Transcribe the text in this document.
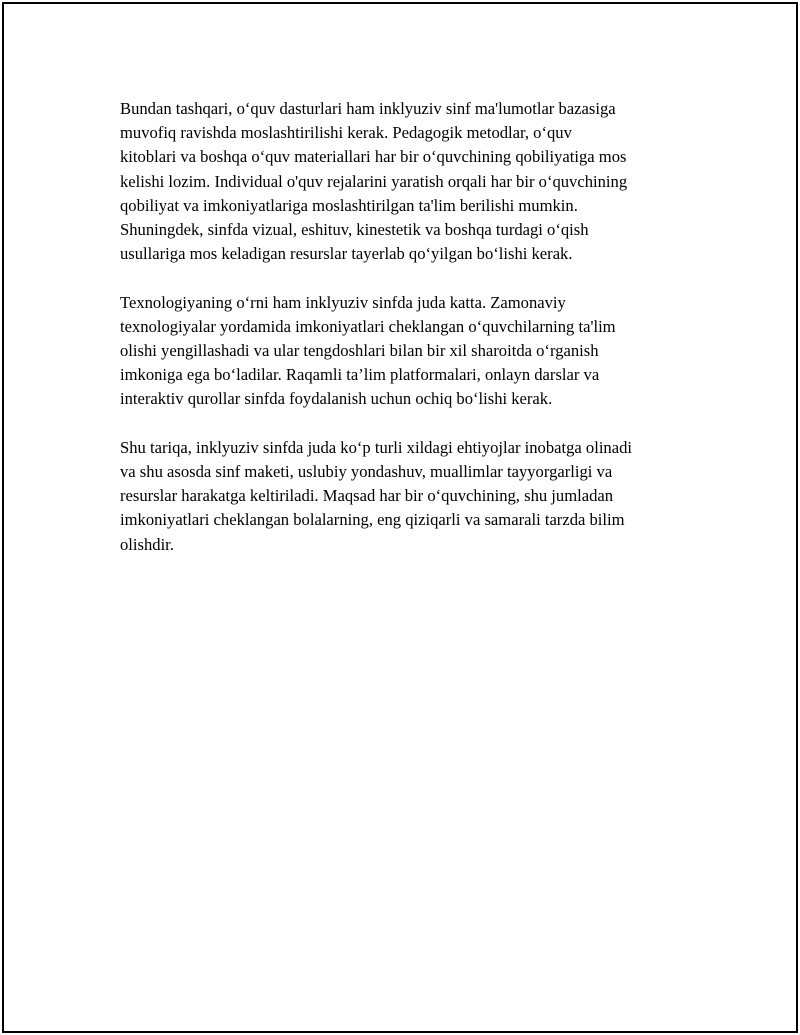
Bundan tashqari, o‘quv dasturlari ham inklyuziv sinf ma'lumotlar bazasiga
muvofiq ravishda moslashtirilishi kerak. Pedagogik metodlar, o‘quv
kitoblari va boshqa o‘quv materiallari har bir o‘quvchining qobiliyatiga mos
kelishi lozim. Individual o'quv rejalarini yaratish orqali har bir o‘quvchining
qobiliyat va imkoniyatlariga moslashtirilgan ta'lim berilishi mumkin.
Shuningdek, sinfda vizual, eshituv, kinestetik va boshqa turdagi o‘qish
usullariga mos keladigan resurslar tayerlab qo‘yilgan bo‘lishi kerak.

Texnologiyaning o‘rni ham inklyuziv sinfda juda katta. Zamonaviy
texnologiyalar yordamida imkoniyatlari cheklangan o‘quvchilarning ta'lim
olishi yengillashadi va ular tengdoshlari bilan bir xil sharoitda o‘rganish
imkoniga ega bo‘ladilar. Raqamli ta’lim platformalari, onlayn darslar va
interaktiv qurollar sinfda foydalanish uchun ochiq bo‘lishi kerak.

Shu tariqa, inklyuziv sinfda juda ko‘p turli xildagi ehtiyojlar inobatga olinadi
va shu asosda sinf maketi, uslubiy yondashuv, muallimlar tayyorgarligi va
resurslar harakatga keltiriladi. Maqsad har bir o‘quvchining, shu jumladan
imkoniyatlari cheklangan bolalarning, eng qiziqarli va samarali tarzda bilim
olishdir.
